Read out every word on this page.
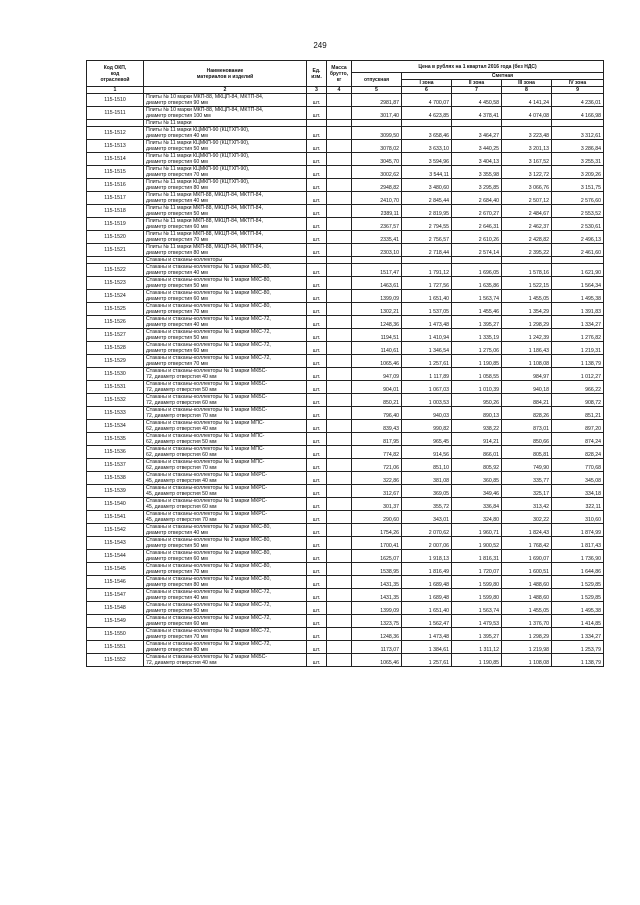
249
Код ОКП,
код
отраслевой	Наименование
материалов и изделий	Ед.
изм.	Масса
брутто,
кг	Цена в рублях на 1 квартал 2016 года (без НДС)				
				отпускная	Сметная			
					I зона	II зона	III зона	IV зона

1	2	3	4	5	6	7	8	9
115-1510	Плиты № 10 марки МКП-88, МКЦП-84, МКТП-84,
диаметр отверстия 90 мм	шт.		2981,87	4 700,07	4 450,58	4 141,24	4 236,01
115-1511	Плиты № 10 марки МКП-88, МКЦП-84, МКТП-84,
диаметр отверстия 100 мм	шт.		3017,40	4 623,85	4 378,41	4 074,08	4 166,98

	Плиты № 11 марки							

115-1512	Плиты № 11 марки КЦМКП-90 (КЦТХП-90),
диаметр отверстия 40 мм	шт.		3099,50	3 658,46	3 464,27	3 223,48	3 312,61
115-1513	Плиты № 11 марки КЦМКП-90 (КЦТХП-90),
диаметр отверстия 50 мм	шт.		3078,02	3 633,10	3 440,25	3 201,13	3 286,84
115-1514	Плиты № 11 марки КЦМКП-90 (КЦТХП-90),
диаметр отверстия 60 мм	шт.		3045,70	3 594,96	3 404,13	3 167,52	3 255,31
115-1515	Плиты № 11 марки КЦМКП-90 (КЦТХП-90),
диаметр отверстия 70 мм	шт.		3002,62	3 544,11	3 355,98	3 122,72	3 209,26
115-1516	Плиты № 11 марки КЦМКП-90 (КЦТХП-90),
диаметр отверстия 80 мм	шт.		2948,82	3 480,60	3 295,85	3 066,76	3 151,75
115-1517	Плиты № 11 марки МКП-88, МКЦП-84, МКТП-84,
диаметр отверстия 40 мм	шт.		2410,70	2 845,44	2 684,40	2 507,12	2 576,60
115-1518	Плиты № 11 марки МКП-88, МКЦП-84, МКТП-84,
диаметр отверстия 50 мм	шт.		2389,11	2 819,95	2 670,27	2 484,67	2 553,52
115-1519	Плиты № 11 марки МКП-88, МКЦП-84, МКТП-84,
диаметр отверстия 60 мм	шт.		2367,57	2 794,55	2 646,31	2 462,37	2 530,61
115-1520	Плиты № 11 марки МКП-88, МКЦП-84, МКТП-84,
диаметр отверстия 70 мм	шт.		2335,41	2 756,57	2 610,26	2 428,82	2 496,13
115-1521	Плиты № 11 марки МКП-88, МКЦП-84, МКТП-84,
диаметр отверстия 80 мм	шт.		2303,10	2 718,44	2 574,14	2 395,22	2 461,60

	Стаканы и стаканы-коллекторы							

115-1522	Стаканы и стаканы-коллекторы № 1 марки МКС-80,
диаметр отверстия 40 мм	шт.		1517,47	1 791,12	1 696,05	1 578,16	1 621,90
115-1523	Стаканы и стаканы-коллекторы № 1 марки МКС-80,
диаметр отверстия 50 мм	шт.		1463,61	1 727,56	1 635,86	1 522,15	1 564,34
115-1524	Стаканы и стаканы-коллекторы № 1 марки МКС-80,
диаметр отверстия 60 мм	шт.		1399,09	1 651,40	1 563,74	1 455,05	1 495,38
115-1525	Стаканы и стаканы-коллекторы № 1 марки МКС-80,
диаметр отверстия 70 мм	шт.		1302,21	1 537,05	1 455,46	1 354,29	1 391,83
115-1526	Стаканы и стаканы-коллекторы № 1 марки МКС-72,
диаметр отверстия 40 мм	шт.		1248,36	1 473,48	1 395,27	1 298,29	1 334,27
115-1527	Стаканы и стаканы-коллекторы № 1 марки МКС-72,
диаметр отверстия 50 мм	шт.		1194,51	1 410,94	1 335,19	1 242,39	1 276,82
115-1528	Стаканы и стаканы-коллекторы № 1 марки МКС-72,
диаметр отверстия 60 мм	шт.		1140,61	1 346,54	1 275,06	1 186,43	1 219,31
115-1529	Стаканы и стаканы-коллекторы № 1 марки МКС-72,
диаметр отверстия 70 мм	шт.		1065,46	1 257,61	1 190,85	1 108,08	1 138,79
115-1530	Стаканы и стаканы-коллекторы № 1 марки МКБС-
72, диаметр отверстия 40 мм	шт.		947,09	1 117,89	1 058,55	984,97	1 012,27
115-1531	Стаканы и стаканы-коллекторы № 1 марки МКБС-
72, диаметр отверстия 50 мм	шт.		904,01	1 067,03	1 010,39	940,18	966,22
115-1532	Стаканы и стаканы-коллекторы № 1 марки МКБС-
72, диаметр отверстия 60 мм	шт.		850,21	1 003,53	950,26	884,21	908,72
115-1533	Стаканы и стаканы-коллекторы № 1 марки МКБС-
72, диаметр отверстия 70 мм	шт.		796,40	940,03	890,13	828,26	851,21
115-1534	Стаканы и стаканы-коллекторы № 1 марки МПС-
62, диаметр отверстия 40 мм	шт.		839,43	990,82	938,22	873,01	897,20
115-1535	Стаканы и стаканы-коллекторы № 1 марки МПС-
62, диаметр отверстия 50 мм	шт.		817,95	965,45	914,21	850,66	874,24
115-1536	Стаканы и стаканы-коллекторы № 1 марки МПС-
62, диаметр отверстия 60 мм	шт.		774,82	914,56	866,01	805,81	828,24
115-1537	Стаканы и стаканы-коллекторы № 1 марки МПС-
62, диаметр отверстия 70 мм	шт.		721,06	851,10	805,92	749,90	770,68
115-1538	Стаканы и стаканы-коллекторы № 1 марки МКРС-
45, диаметр отверстия 40 мм	шт.		322,86	381,08	360,85	335,77	345,08
115-1539	Стаканы и стаканы-коллекторы № 1 марки МКРС-
45, диаметр отверстия 50 мм	шт.		312,67	369,05	349,46	325,17	334,18
115-1540	Стаканы и стаканы-коллекторы № 1 марки МКРС-
45, диаметр отверстия 60 мм	шт.		301,37	355,72	336,84	313,42	322,11
115-1541	Стаканы и стаканы-коллекторы № 1 марки МКРС-
45, диаметр отверстия 70 мм	шт.		290,60	343,01	324,80	302,22	310,60
115-1542	Стаканы и стаканы-коллекторы № 2 марки МКС-80,
диаметр отверстия 40 мм	шт.		1754,26	2 070,62	1 960,71	1 824,43	1 874,99
115-1543	Стаканы и стаканы-коллекторы № 2 марки МКС-80,
диаметр отверстия 50 мм	шт.		1700,41	2 007,06	1 900,52	1 768,42	1 817,43
115-1544	Стаканы и стаканы-коллекторы № 2 марки МКС-80,
диаметр отверстия 60 мм	шт.		1625,07	1 918,13	1 816,31	1 690,07	1 736,90
115-1545	Стаканы и стаканы-коллекторы № 2 марки МКС-80,
диаметр отверстия 70 мм	шт.		1538,95	1 816,49	1 720,07	1 600,51	1 644,86
115-1546	Стаканы и стаканы-коллекторы № 2 марки МКС-80,
диаметр отверстия 80 мм	шт.		1431,35	1 689,48	1 599,80	1 488,60	1 529,85
115-1547	Стаканы и стаканы-коллекторы № 2 марки МКС-72,
диаметр отверстия 40 мм	шт.		1431,35	1 689,48	1 599,80	1 488,60	1 529,85
115-1548	Стаканы и стаканы-коллекторы № 2 марки МКС-72,
диаметр отверстия 50 мм	шт.		1399,09	1 651,40	1 563,74	1 455,05	1 495,38
115-1549	Стаканы и стаканы-коллекторы № 2 марки МКС-72,
диаметр отверстия 60 мм	шт.		1323,75	1 562,47	1 479,53	1 376,70	1 414,85
115-1550	Стаканы и стаканы-коллекторы № 2 марки МКС-72,
диаметр отверстия 70 мм	шт.		1248,36	1 473,48	1 395,27	1 298,29	1 334,27
115-1551	Стаканы и стаканы-коллекторы № 2 марки МКС-72,
диаметр отверстия 80 мм	шт.		1173,07	1 384,61	1 311,12	1 219,98	1 253,79
115-1552	Стаканы и стаканы-коллекторы № 2 марки МКБС-
72, диаметр отверстия 40 мм	шт.		1065,46	1 257,61	1 190,85	1 108,08	1 138,79
